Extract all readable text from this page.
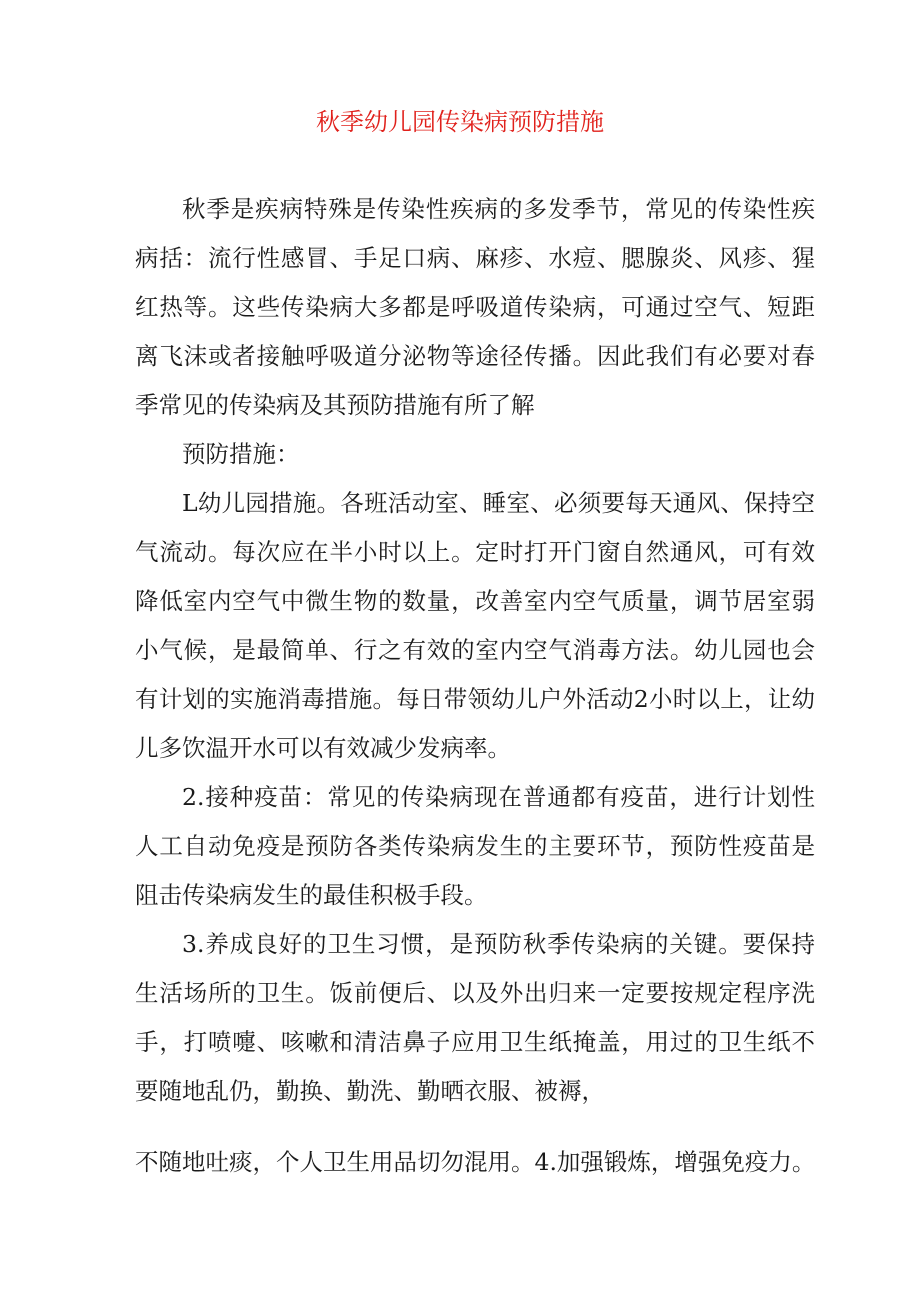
秋季幼儿园传染病预防措施

秋季是疾病特殊是传染性疾病的多发季节，常见的传染性疾病括：流行性感冒、手足口病、麻疹、水痘、腮腺炎、风疹、猩红热等。这些传染病大多都是呼吸道传染病，可通过空气、短距离飞沫或者接触呼吸道分泌物等途径传播。因此我们有必要对春季常见的传染病及其预防措施有所了解

预防措施：

L幼儿园措施。各班活动室、睡室、必须要每天通风、保持空气流动。每次应在半小时以上。定时打开门窗自然通风，可有效降低室内空气中微生物的数量，改善室内空气质量，调节居室弱小气候，是最简单、行之有效的室内空气消毒方法。幼儿园也会有计划的实施消毒措施。每日带领幼儿户外活动2小时以上，让幼儿多饮温开水可以有效减少发病率。

2.接种疫苗：常见的传染病现在普通都有疫苗，进行计划性人工自动免疫是预防各类传染病发生的主要环节，预防性疫苗是阻击传染病发生的最佳积极手段。

3.养成良好的卫生习惯，是预防秋季传染病的关键。要保持生活场所的卫生。饭前便后、以及外出归来一定要按规定程序洗手，打喷嚏、咳嗽和清洁鼻子应用卫生纸掩盖，用过的卫生纸不要随地乱仍，勤换、勤洗、勤晒衣服、被褥，

不随地吐痰，个人卫生用品切勿混用。4.加强锻炼，增强免疫力。
